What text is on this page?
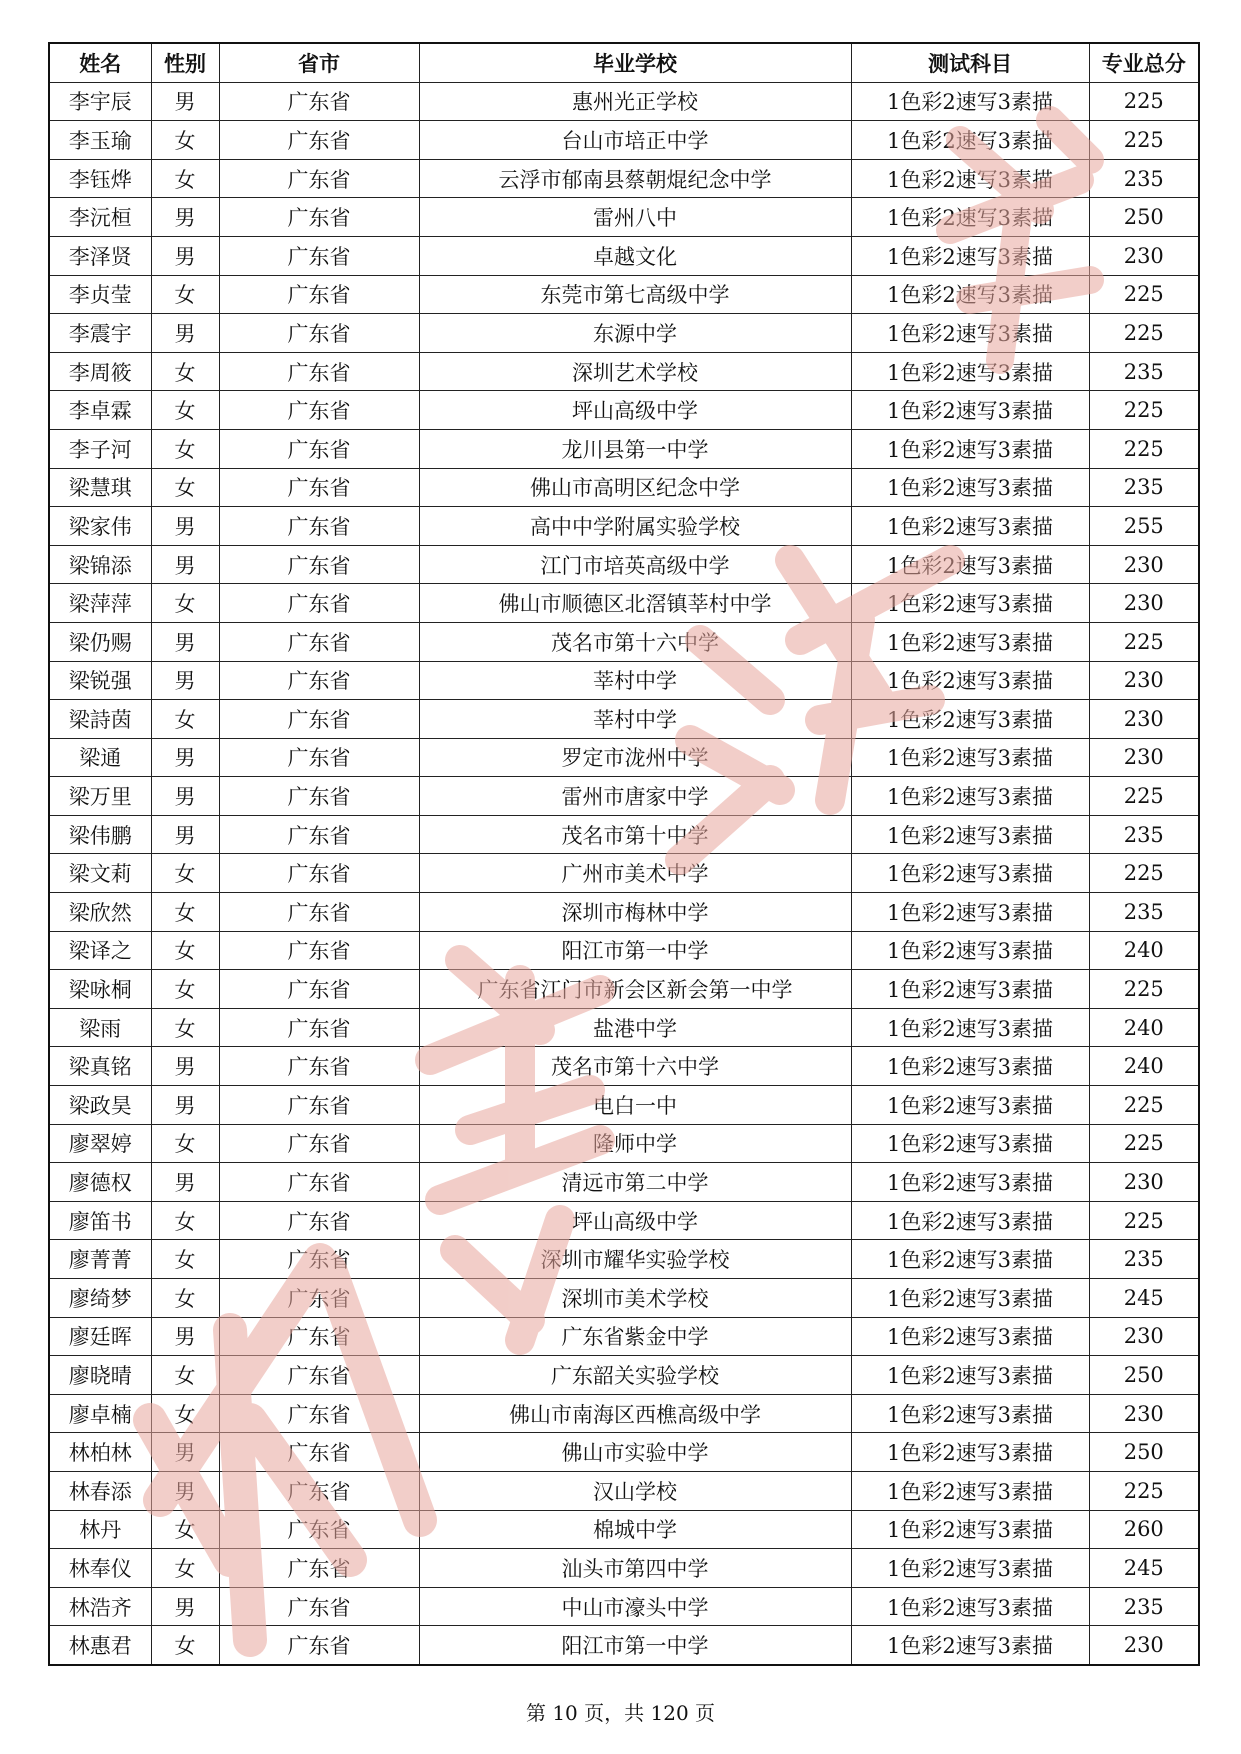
姓名	性别	省市	毕业学校	测试科目	专业总分
李宇辰	男	广东省	惠州光正学校	1色彩2速写3素描	225
李玉瑜	女	广东省	台山市培正中学	1色彩2速写3素描	225
李钰烨	女	广东省	云浮市郁南县蔡朝焜纪念中学	1色彩2速写3素描	235
李沅桓	男	广东省	雷州八中	1色彩2速写3素描	250
李泽贤	男	广东省	卓越文化	1色彩2速写3素描	230
李贞莹	女	广东省	东莞市第七高级中学	1色彩2速写3素描	225
李震宇	男	广东省	东源中学	1色彩2速写3素描	225
李周筱	女	广东省	深圳艺术学校	1色彩2速写3素描	235
李卓霖	女	广东省	坪山高级中学	1色彩2速写3素描	225
李子河	女	广东省	龙川县第一中学	1色彩2速写3素描	225
梁慧琪	女	广东省	佛山市高明区纪念中学	1色彩2速写3素描	235
梁家伟	男	广东省	高中中学附属实验学校	1色彩2速写3素描	255
梁锦添	男	广东省	江门市培英高级中学	1色彩2速写3素描	230
梁萍萍	女	广东省	佛山市顺德区北滘镇莘村中学	1色彩2速写3素描	230
梁仍赐	男	广东省	茂名市第十六中学	1色彩2速写3素描	225
梁锐强	男	广东省	莘村中学	1色彩2速写3素描	230
梁詩茵	女	广东省	莘村中学	1色彩2速写3素描	230
梁通	男	广东省	罗定市泷州中学	1色彩2速写3素描	230
梁万里	男	广东省	雷州市唐家中学	1色彩2速写3素描	225
梁伟鹏	男	广东省	茂名市第十中学	1色彩2速写3素描	235
梁文莉	女	广东省	广州市美术中学	1色彩2速写3素描	225
梁欣然	女	广东省	深圳市梅林中学	1色彩2速写3素描	235
梁译之	女	广东省	阳江市第一中学	1色彩2速写3素描	240
梁咏桐	女	广东省	广东省江门市新会区新会第一中学	1色彩2速写3素描	225
梁雨	女	广东省	盐港中学	1色彩2速写3素描	240
梁真铭	男	广东省	茂名市第十六中学	1色彩2速写3素描	240
梁政昊	男	广东省	电白一中	1色彩2速写3素描	225
廖翠婷	女	广东省	隆师中学	1色彩2速写3素描	225
廖德权	男	广东省	清远市第二中学	1色彩2速写3素描	230
廖笛书	女	广东省	坪山高级中学	1色彩2速写3素描	225
廖菁菁	女	广东省	深圳市耀华实验学校	1色彩2速写3素描	235
廖绮梦	女	广东省	深圳市美术学校	1色彩2速写3素描	245
廖廷晖	男	广东省	广东省紫金中学	1色彩2速写3素描	230
廖晓晴	女	广东省	广东韶关实验学校	1色彩2速写3素描	250
廖卓楠	女	广东省	佛山市南海区西樵高级中学	1色彩2速写3素描	230
林柏林	男	广东省	佛山市实验中学	1色彩2速写3素描	250
林春添	男	广东省	汉山学校	1色彩2速写3素描	225
林丹	女	广东省	棉城中学	1色彩2速写3素描	260
林奉仪	女	广东省	汕头市第四中学	1色彩2速写3素描	245
林浩齐	男	广东省	中山市濠头中学	1色彩2速写3素描	235
林惠君	女	广东省	阳江市第一中学	1色彩2速写3素描	230
第 10 页，共 120 页
